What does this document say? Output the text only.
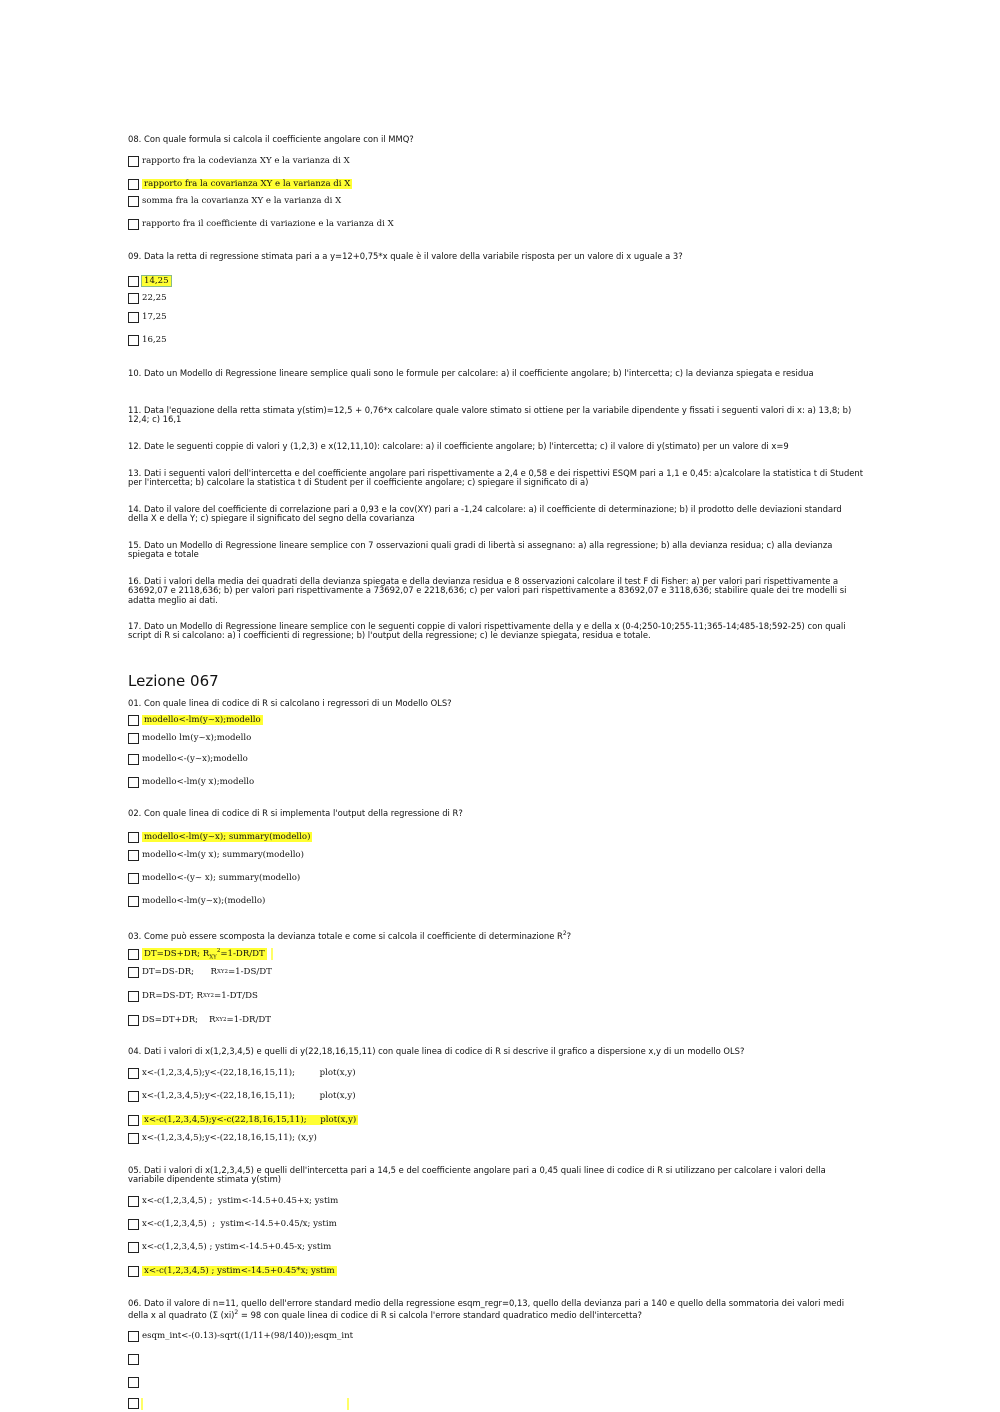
08. Con quale formula si calcola il coefficiente angolare con il MMQ?
rapporto fra la codevianza XY e la varianza di X
rapporto fra la covarianza XY e la varianza di X
somma fra la covarianza XY e la varianza di X
rapporto fra il coefficiente di variazione e la varianza di X
09. Data la retta di regressione stimata pari a a y=12+0,75*x quale è il valore della variabile risposta per un valore di x uguale a 3?
14,25
22,25
17,25
16,25
10. Dato un Modello di Regressione lineare semplice quali sono le formule per calcolare: a) il coefficiente angolare; b) l'intercetta; c) la devianza spiegata e residua
11. Data l'equazione della retta stimata y(stim)=12,5 + 0,76*x calcolare quale valore stimato si ottiene per la variabile dipendente y fissati i seguenti valori di x: a) 13,8; b) 12,4; c) 16,1
12. Date le seguenti coppie di valori y (1,2,3) e x(12,11,10): calcolare: a) il coefficiente angolare; b) l'intercetta; c) il valore di y(stimato) per un valore di x=9
13. Dati i seguenti valori dell'intercetta e del coefficiente angolare pari rispettivamente a 2,4 e 0,58 e dei rispettivi ESQM pari a 1,1 e 0,45: a)calcolare la statistica t di Student per l'intercetta; b) calcolare la statistica t di Student per il coefficiente angolare; c) spiegare il significato di a)
14. Dato il valore del coefficiente di correlazione pari a 0,93 e la cov(XY) pari a -1,24 calcolare: a) il coefficiente di determinazione; b) il prodotto delle deviazioni standard della X e della Y; c) spiegare il significato del segno della covarianza
15. Dato un Modello di Regressione lineare semplice con 7 osservazioni quali gradi di libertà si assegnano: a) alla regressione; b) alla devianza residua; c) alla devianza spiegata e totale
16. Dati i valori della media dei quadrati della devianza spiegata e della devianza residua e 8 osservazioni calcolare il test F di Fisher: a) per valori pari rispettivamente a 63692,07 e 2118,636; b) per valori pari rispettivamente a 73692,07 e 2218,636; c) per valori pari rispettivamente a 83692,07 e 3118,636; stabilire quale dei tre modelli si adatta meglio ai dati.
17. Dato un Modello di Regressione lineare semplice con le seguenti coppie di valori rispettivamente della y e della x (0-4;250-10;255-11;365-14;485-18;592-25) con quali script di R si calcolano: a) i coefficienti di regressione; b) l'output della regressione; c) le devianze spiegata, residua e totale.
Lezione 067
01. Con quale linea di codice di R si calcolano i regressori di un Modello OLS?
modello<-lm(y~x);modello
modello lm(y~x);modello
modello<-(y~x);modello
modello<-lm(y x);modello
02. Con quale linea di codice di R si implementa l'output della regressione di R?
modello<-lm(y~x); summary(modello)
modello<-lm(y x); summary(modello)
modello<-(y~ x); summary(modello)
modello<-lm(y~x);(modello)
03. Come può essere scomposta la devianza totale e come si calcola il coefficiente di determinazione $R^2$?
DT=DS+DR; $R_{XY}^2=1-DR/DT$
DT=DS-DR;      R XY 2 =1-DS/DT
DR=DS-DT; R XY 2 =1-DT/DS
DS=DT+DR;    R XY 2 =1-DR/DT
04. Dati i valori di x(1,2,3,4,5) e quelli di y(22,18,16,15,11) con quale linea di codice di R si descrive il grafico a dispersione x,y di un modello OLS?
x<-(1,2,3,4,5);y<-(22,18,16,15,11);         plot(x,y)
x<-(1,2,3,4,5);y<-(22,18,16,15,11);         plot(x,y)
x<-c(1,2,3,4,5);y<-c(22,18,16,15,11);     plot(x,y)
x<-(1,2,3,4,5);y<-(22,18,16,15,11); (x,y)
05. Dati i valori di x(1,2,3,4,5) e quelli dell'intercetta pari a 14,5 e del coefficiente angolare pari a 0,45 quali linee di codice di R si utilizzano per calcolare i valori della variabile dipendente stimata y(stim)
x<-c(1,2,3,4,5) ;  ystim<-14.5+0.45+x; ystim
x<-c(1,2,3,4,5)  ;  ystim<-14.5+0.45/x; ystim
x<-c(1,2,3,4,5) ; ystim<-14.5+0.45-x; ystim
x<-c(1,2,3,4,5) ; ystim<-14.5+0.45*x; ystim
06. Dato il valore di n=11, quello dell'errore standard medio della regressione esqm_regr=0,13, quello della devianza pari a 140 e quello della sommatoria dei valori medi della x al quadrato (Σ (xi)$^2$ = 98 con quale linea di codice di R si calcola l'errore standard quadratico medio dell'intercetta?
esqm_int<-(0.13)-sqrt((1/11+(98/140));esqm_int
